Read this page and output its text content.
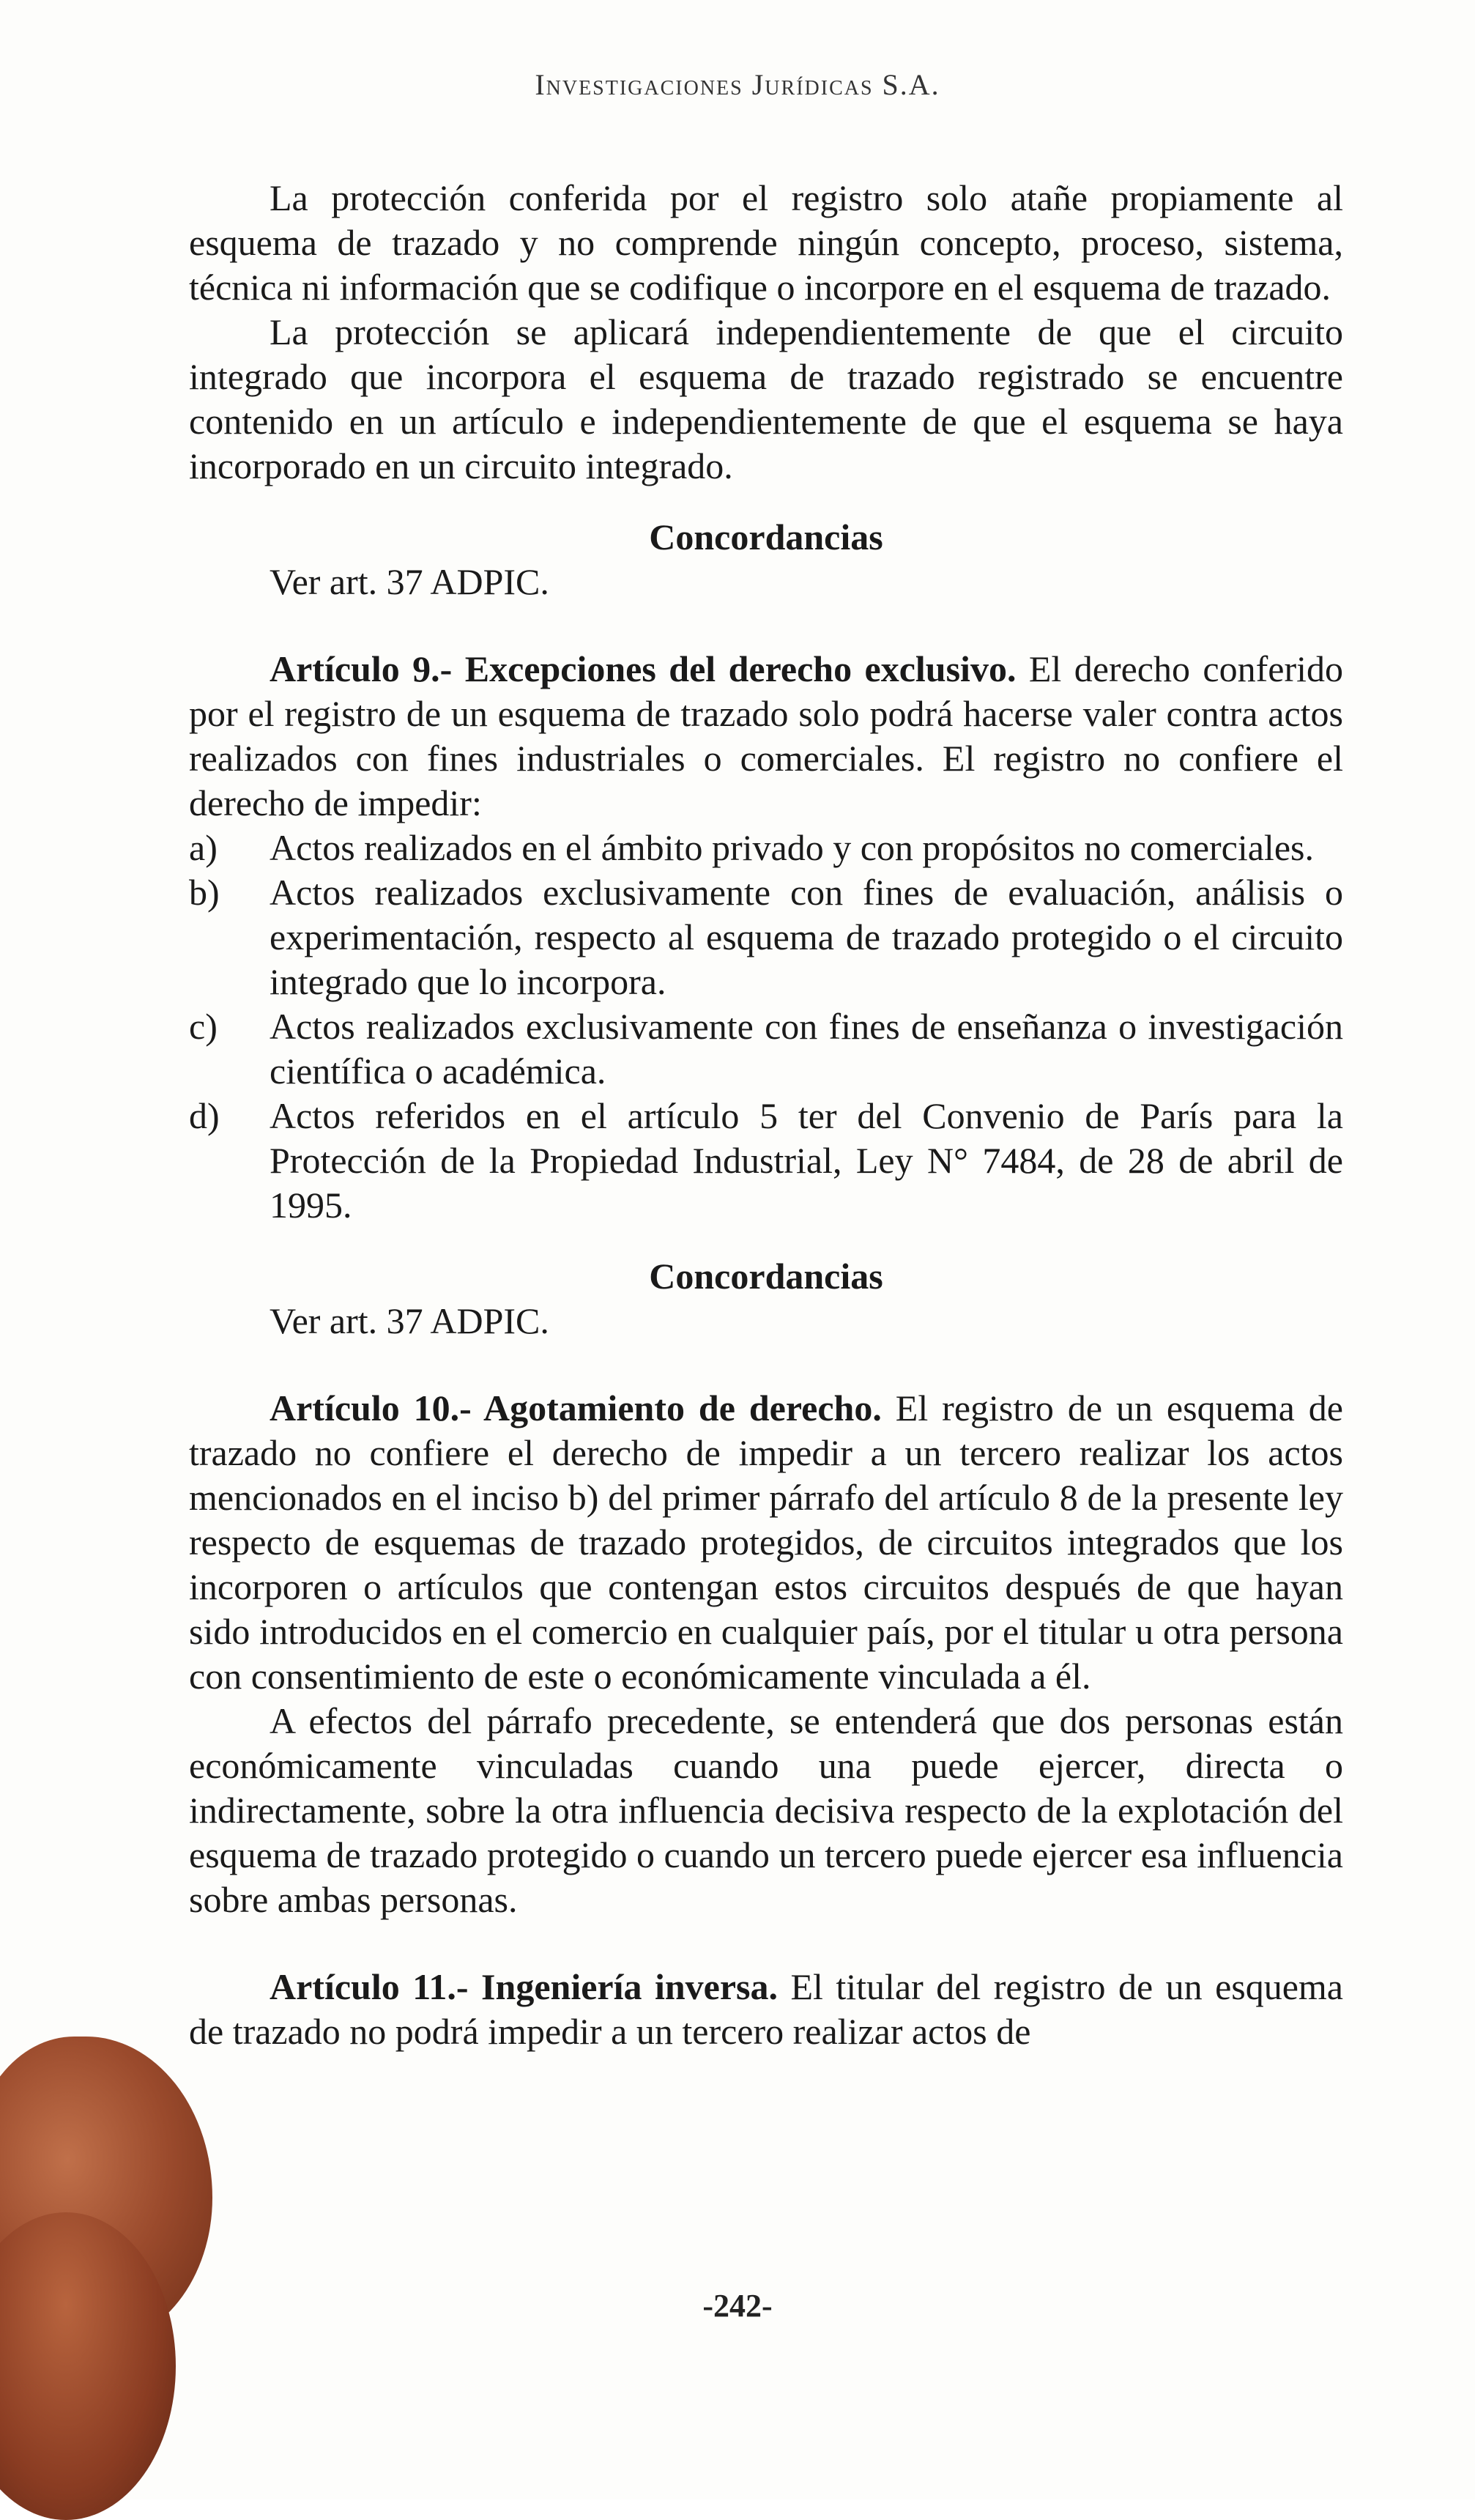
Investigaciones Jurídicas S.A.

La protección conferida por el registro solo atañe propiamente al esquema de trazado y no comprende ningún concepto, proceso, sistema, técnica ni información que se codifique o incorpore en el esquema de trazado.

La protección se aplicará independientemente de que el circuito integrado que incorpora el esquema de trazado registrado se encuentre contenido en un artículo e independientemente de que el esquema se haya incorporado en un circuito integrado.

Concordancias
Ver art. 37 ADPIC.

Artículo 9.- Excepciones del derecho exclusivo. El derecho conferido por el registro de un esquema de trazado solo podrá hacerse valer contra actos realizados con fines industriales o comerciales. El registro no confiere el derecho de impedir:

a) Actos realizados en el ámbito privado y con propósitos no comerciales.
b) Actos realizados exclusivamente con fines de evaluación, análisis o experimentación, respecto al esquema de trazado protegido o el circuito integrado que lo incorpora.
c) Actos realizados exclusivamente con fines de enseñanza o investigación científica o académica.
d) Actos referidos en el artículo 5 ter del Convenio de París para la Protección de la Propiedad Industrial, Ley N° 7484, de 28 de abril de 1995.
Concordancias
Ver art. 37 ADPIC.

Artículo 10.- Agotamiento de derecho. El registro de un esquema de trazado no confiere el derecho de impedir a un tercero realizar los actos mencionados en el inciso b) del primer párrafo del artículo 8 de la presente ley respecto de esquemas de trazado protegidos, de circuitos integrados que los incorporen o artículos que contengan estos circuitos después de que hayan sido introducidos en el comercio en cualquier país, por el titular u otra persona con consentimiento de este o económicamente vinculada a él.

A efectos del párrafo precedente, se entenderá que dos personas están económicamente vinculadas cuando una puede ejercer, directa o indirectamente, sobre la otra influencia decisiva respecto de la explotación del esquema de trazado protegido o cuando un tercero puede ejercer esa influencia sobre ambas personas.

Artículo 11.- Ingeniería inversa. El titular del registro de un esquema de trazado no podrá impedir a un tercero realizar actos de

-242-
